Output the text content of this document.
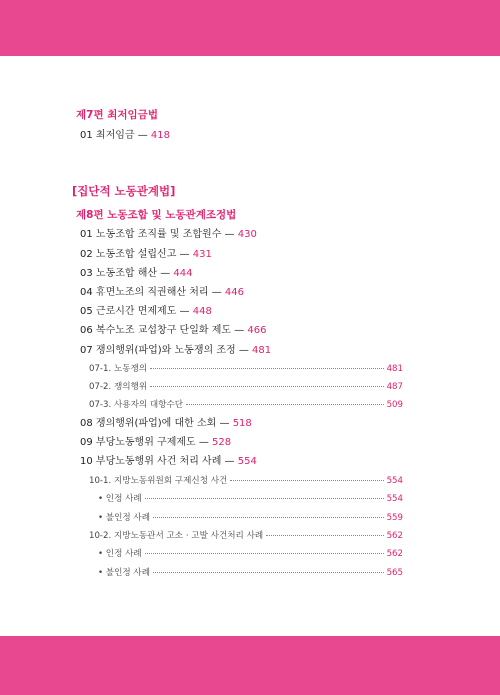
제7편 최저임금법
01 최저임금 — 418
[집단적 노동관계법]
제8편 노동조합 및 노동관계조정법
01 노동조합 조직률 및 조합원수 — 430
02 노동조합 설립신고 — 431
03 노동조합 해산 — 444
04 휴면노조의 직권해산 처리 — 446
05 근로시간 면제제도 — 448
06 복수노조 교섭창구 단일화 제도 — 466
07 쟁의행위(파업)와 노동쟁의 조정 — 481
07-1. 노동쟁의	481
07-2. 쟁의행위	487
07-3. 사용자의 대항수단	509
08 쟁의행위(파업)에 대한 소회 — 518
09 부당노동행위 구제제도 — 528
10 부당노동행위 사건 처리 사례 — 554
10-1. 지방노동위원회 구제신청 사건	554
• 인정 사례	554
• 불인정 사례	559
10-2. 지방노동관서 고소 · 고발 사건처리 사례	562
• 인정 사례	562
• 불인정 사례	565
